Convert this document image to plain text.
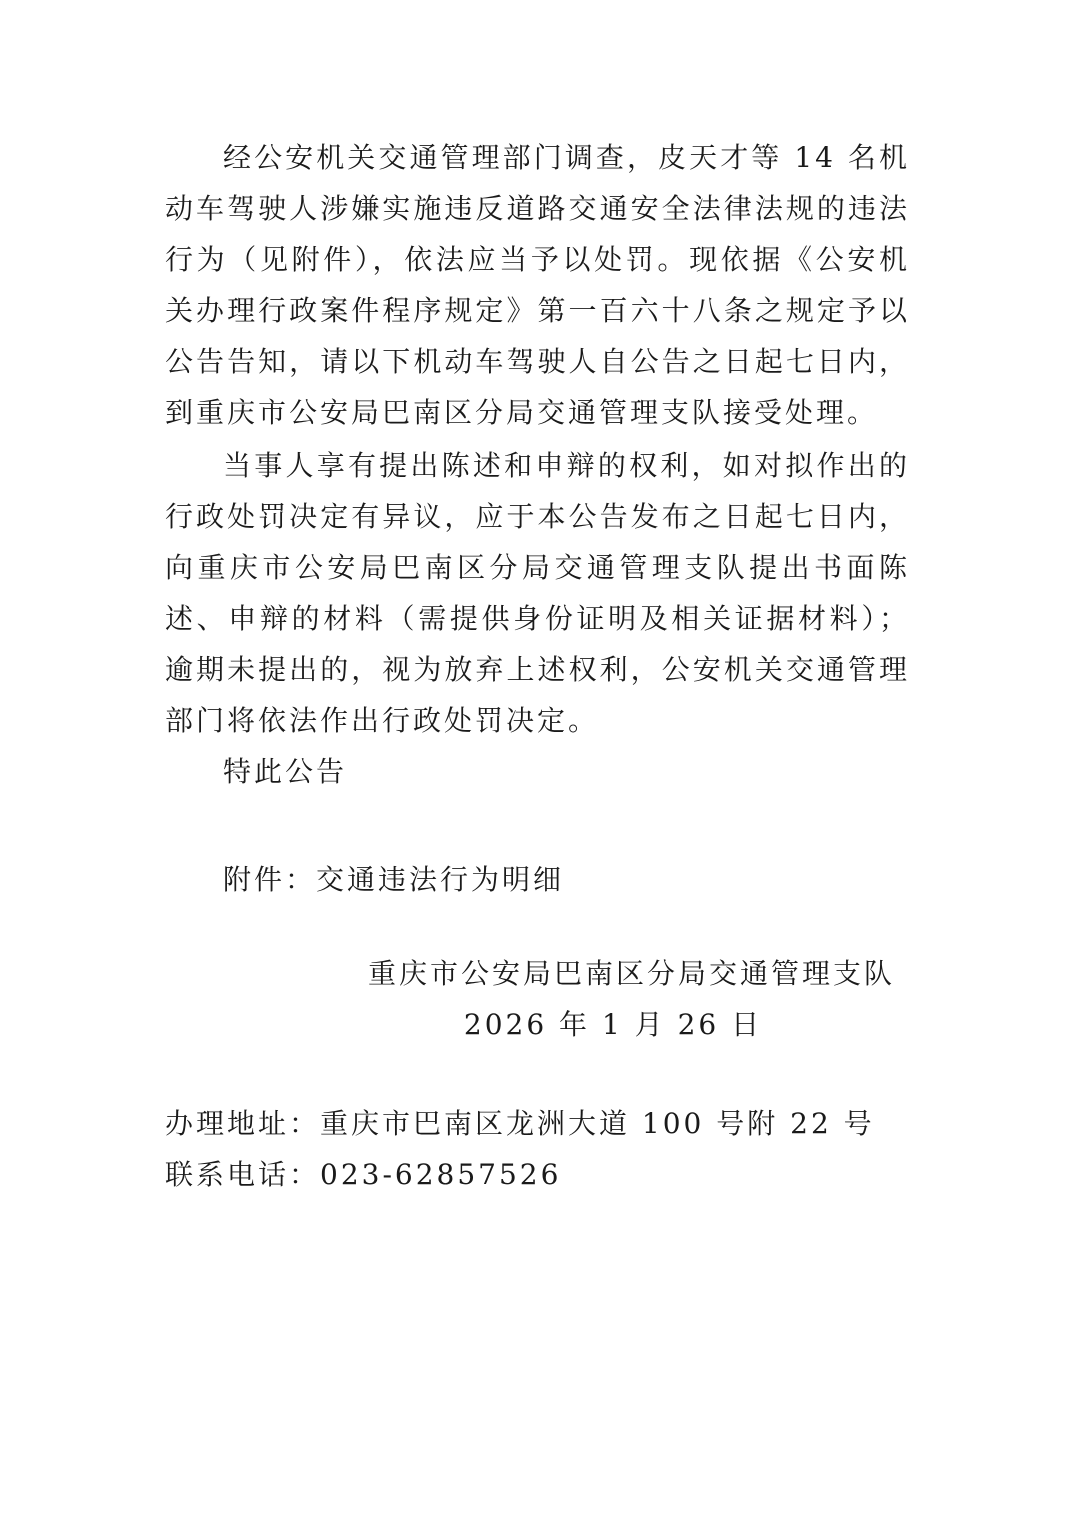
经公安机关交通管理部门调查，皮天才等 14 名机动车驾驶人涉嫌实施违反道路交通安全法律法规的违法行为（见附件），依法应当予以处罚。现依据《公安机关办理行政案件程序规定》第一百六十八条之规定予以公告告知，请以下机动车驾驶人自公告之日起七日内，到重庆市公安局巴南区分局交通管理支队接受处理。

当事人享有提出陈述和申辩的权利，如对拟作出的行政处罚决定有异议，应于本公告发布之日起七日内，向重庆市公安局巴南区分局交通管理支队提出书面陈述、申辩的材料（需提供身份证明及相关证据材料）；逾期未提出的，视为放弃上述权利，公安机关交通管理部门将依法作出行政处罚决定。

特此公告
附件：交通违法行为明细
重庆市公安局巴南区分局交通管理支队
2026 年 1 月 26 日
办理地址：重庆市巴南区龙洲大道 100 号附 22 号
联系电话：023-62857526
